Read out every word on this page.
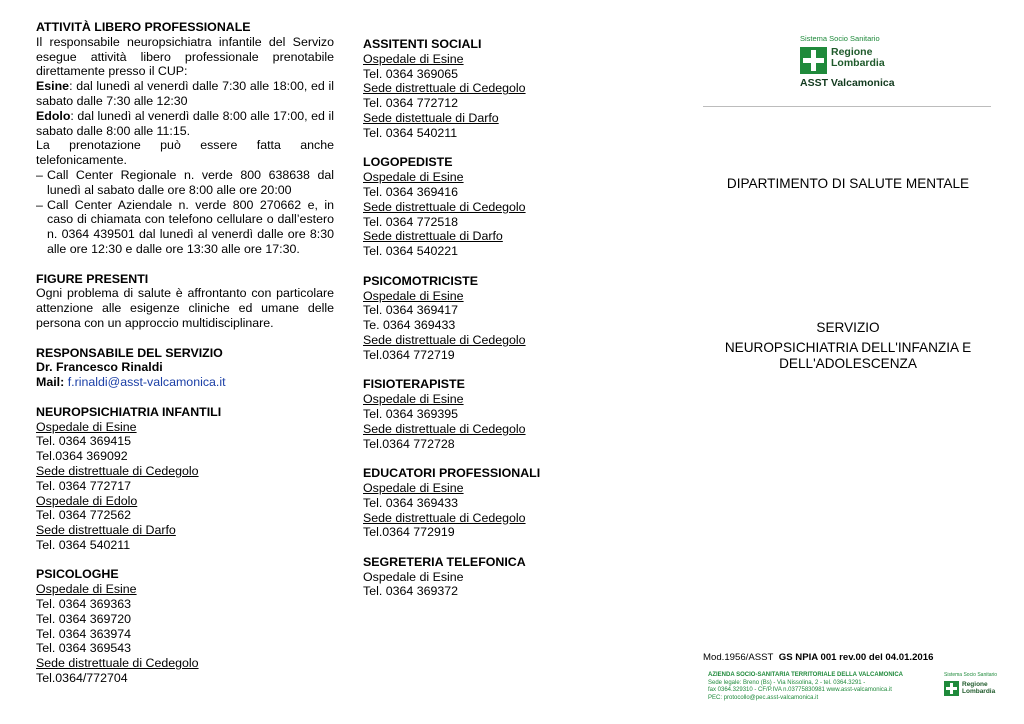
ATTIVITÀ LIBERO PROFESSIONALE

Il responsabile neuropsichiatra infantile del Servizo esegue attività libero professionale prenotabile direttamente presso il CUP:

Esine: dal lunedì al venerdì dalle 7:30 alle 18:00, ed il sabato dalle 7:30 alle 12:30

Edolo: dal lunedì al venerdì dalle 8:00 alle 17:00, ed il sabato dalle 8:00 alle 11:15.

La prenotazione può essere fatta anche telefonicamente.

– Call Center Regionale n. verde 800 638638 dal lunedì al sabato dalle ore 8:00 alle ore 20:00

– Call Center Aziendale n. verde 800 270662 e, in caso di chiamata con telefono cellulare o dall’estero n. 0364 439501 dal lunedì al venerdì dalle ore 8:30 alle ore 12:30 e dalle ore 13:30 alle ore 17:30.

FIGURE PRESENTI

Ogni problema di salute è affrontanto con particolare attenzione alle esigenze cliniche ed umane delle persona con un approccio multidisciplinare.

RESPONSABILE DEL SERVIZIO

Dr. Francesco Rinaldi

Mail: f.rinaldi@asst-valcamonica.it

NEUROPSICHIATRIA INFANTILI

Ospedale di Esine

Tel. 0364 369415

Tel.0364 369092

Sede distrettuale di Cedegolo

Tel. 0364 772717

Ospedale di Edolo

Tel. 0364 772562

Sede distrettuale di Darfo

Tel. 0364 540211

PSICOLOGHE

Ospedale di Esine

Tel. 0364 369363

Tel. 0364 369720

Tel. 0364 363974

Tel. 0364 369543

Sede distrettuale di Cedegolo

Tel.0364/772704

ASSITENTI SOCIALI

Ospedale di Esine

Tel. 0364 369065

Sede distrettuale di Cedegolo

Tel. 0364 772712

Sede distettuale di Darfo

Tel. 0364 540211

LOGOPEDISTE

Ospedale di Esine

Tel. 0364 369416

Sede distrettuale di Cedegolo

Tel. 0364 772518

Sede distrettuale di Darfo

Tel. 0364 540221

PSICOMOTRICISTE

Ospedale di Esine

Tel. 0364 369417

Te. 0364 369433

Sede distrettuale di Cedegolo

Tel.0364 772719

FISIOTERAPISTE

Ospedale di Esine

Tel. 0364 369395

Sede distrettuale di Cedegolo

Tel.0364 772728

EDUCATORI PROFESSIONALI

Ospedale di Esine

Tel. 0364 369433

Sede distrettuale di Cedegolo

Tel.0364 772919

SEGRETERIA TELEFONICA

Ospedale di Esine

Tel. 0364 369372

Sistema Socio Sanitario
Regione
Lombardia
ASST Valcamonica
DIPARTIMENTO DI SALUTE MENTALE
SERVIZIO
NEUROPSICHIATRIA DELL'INFANZIA E DELL'ADOLESCENZA
Mod.1956/ASST GS NPIA 001 rev.00 del 04.01.2016
AZIENDA SOCIO-SANITARIA TERRITORIALE DELLA VALCAMONICA
Sede legale: Breno (Bs) - Via Nissolina, 2 - tel. 0364.3291 -
fax 0364.329310 - CF/P.IVA n.03775830981 www.asst-valcamonica.it
PEC: protocollo@pec.asst-valcamonica.it
Sistema Socio Sanitario
Regione
Lombardia
